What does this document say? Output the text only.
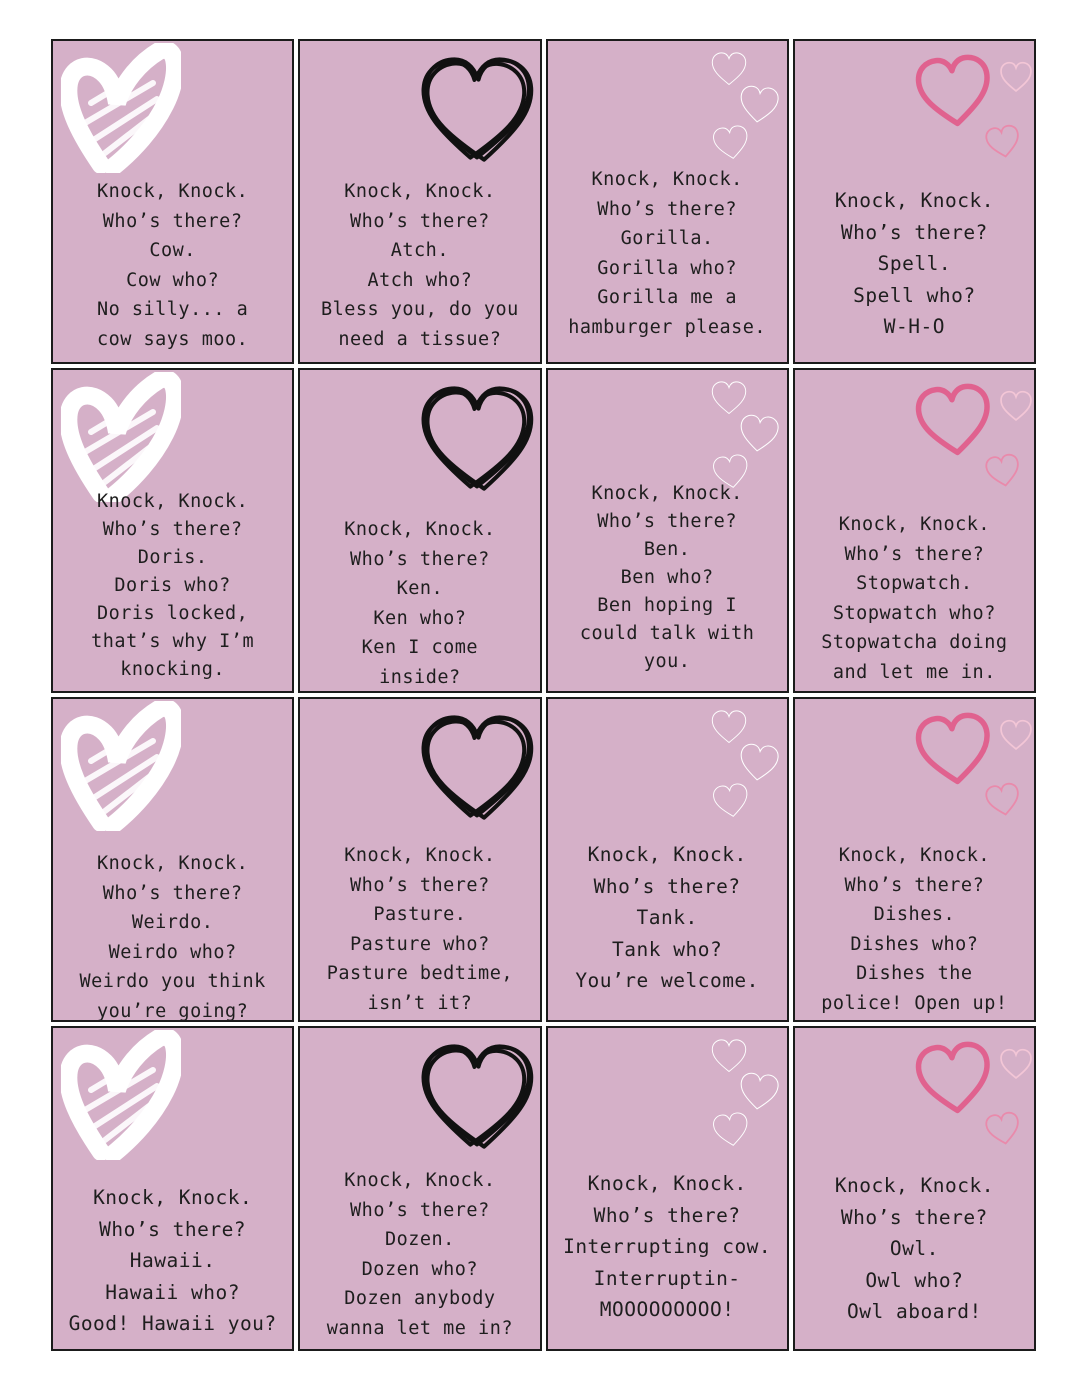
Knock, Knock.
Who’s there?
Cow.
Cow who?
No silly... a
cow says moo.
Knock, Knock.
Who’s there?
Atch.
Atch who?
Bless you, do you
need a tissue?
Knock, Knock.
Who’s there?
Gorilla.
Gorilla who?
Gorilla me a
hamburger please.
Knock, Knock.
Who’s there?
Spell.
Spell who?
W-H-O
Knock, Knock.
Who’s there?
Doris.
Doris who?
Doris locked,
that’s why I’m
knocking.
Knock, Knock.
Who’s there?
Ken.
Ken who?
Ken I come
inside?
Knock, Knock.
Who’s there?
Ben.
Ben who?
Ben hoping I
could talk with
you.
Knock, Knock.
Who’s there?
Stopwatch.
Stopwatch who?
Stopwatcha doing
and let me in.
Knock, Knock.
Who’s there?
Weirdo.
Weirdo who?
Weirdo you think
you’re going?
Knock, Knock.
Who’s there?
Pasture.
Pasture who?
Pasture bedtime,
isn’t it?
Knock, Knock.
Who’s there?
Tank.
Tank who?
You’re welcome.
Knock, Knock.
Who’s there?
Dishes.
Dishes who?
Dishes the
police! Open up!
Knock, Knock.
Who’s there?
Hawaii.
Hawaii who?
Good! Hawaii you?
Knock, Knock.
Who’s there?
Dozen.
Dozen who?
Dozen anybody
wanna let me in?
Knock, Knock.
Who’s there?
Interrupting cow.
Interruptin-
MOOOOOOOOO!
Knock, Knock.
Who’s there?
Owl.
Owl who?
Owl aboard!
